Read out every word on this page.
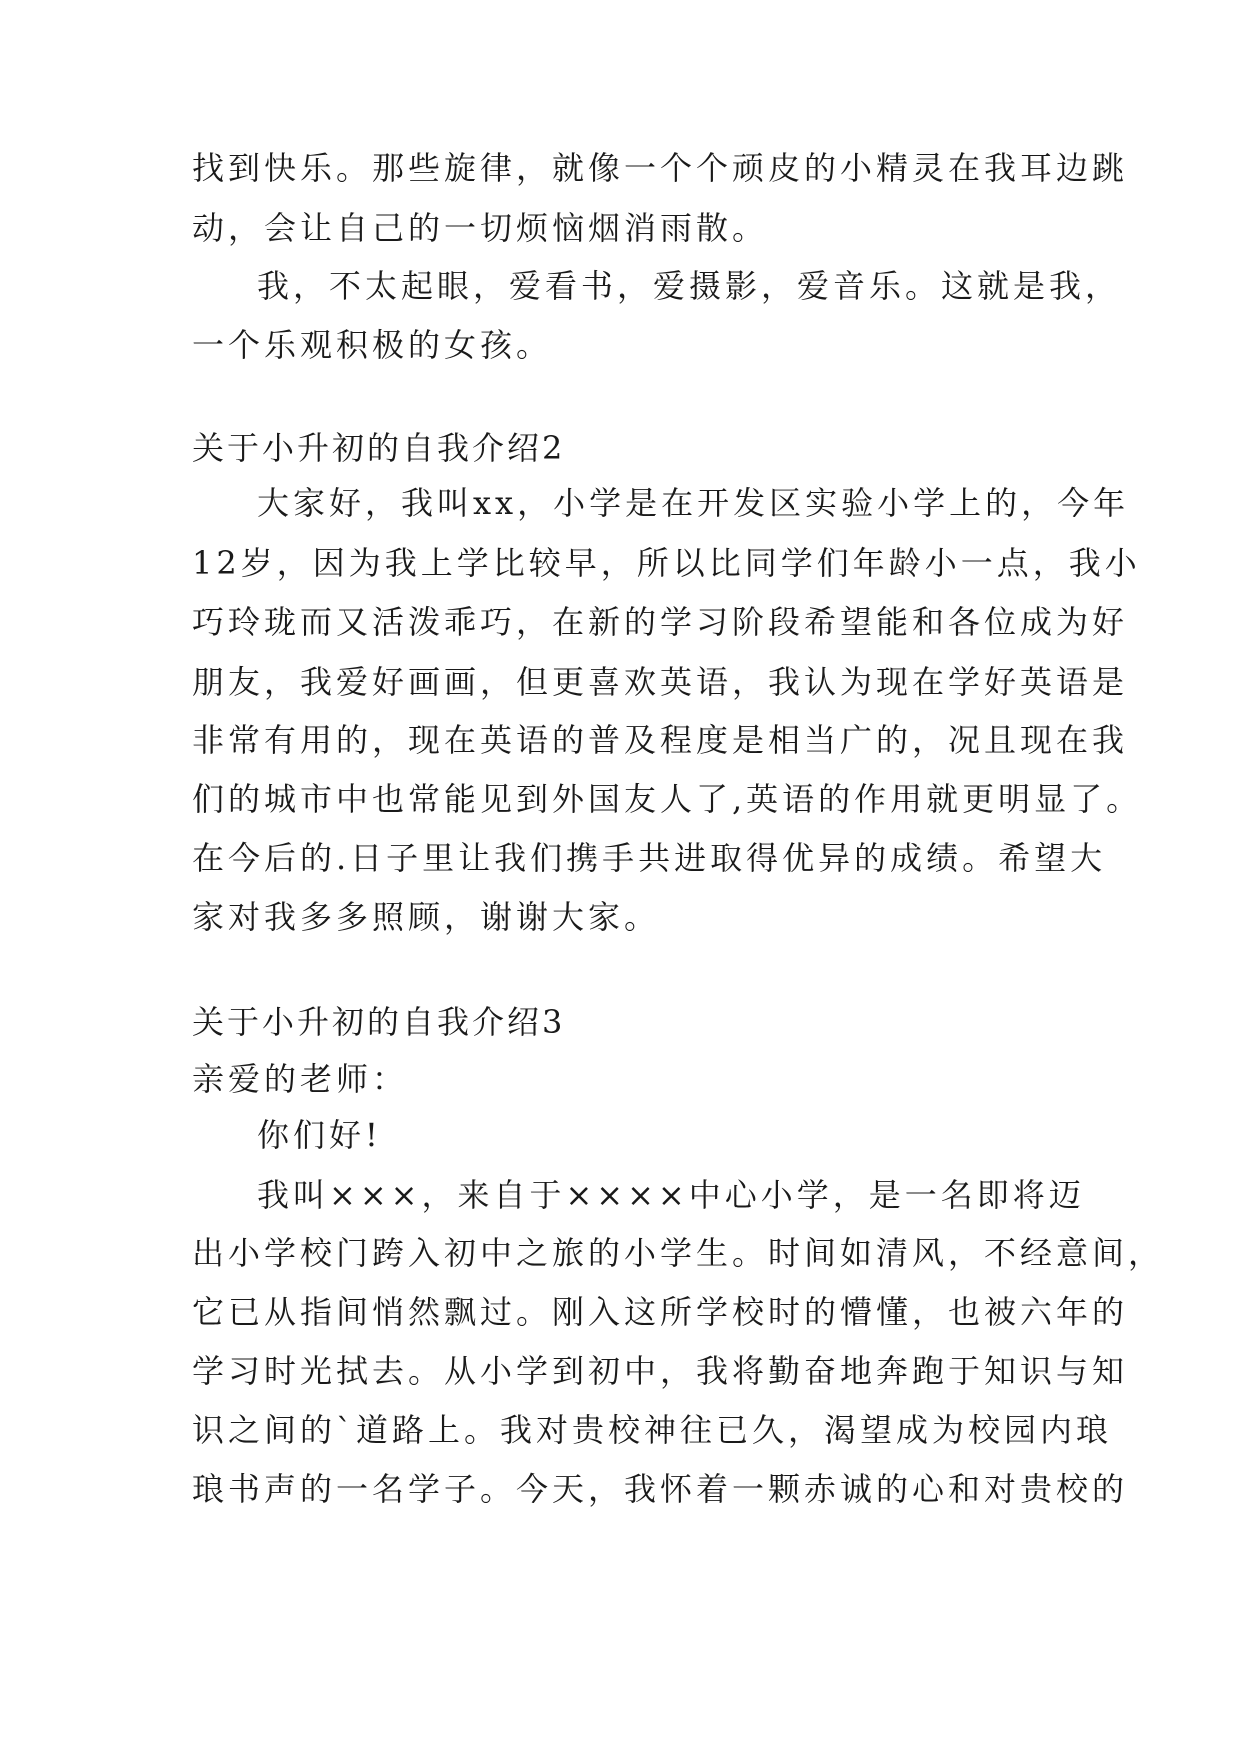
找到快乐。那些旋律，就像一个个顽皮的小精灵在我耳边跳
动，会让自己的一切烦恼烟消雨散。
我，不太起眼，爱看书，爱摄影，爱音乐。这就是我，
一个乐观积极的女孩。
关于小升初的自我介绍2
大家好，我叫xx，小学是在开发区实验小学上的，今年
12岁，因为我上学比较早，所以比同学们年龄小一点，我小
巧玲珑而又活泼乖巧，在新的学习阶段希望能和各位成为好
朋友，我爱好画画，但更喜欢英语，我认为现在学好英语是
非常有用的，现在英语的普及程度是相当广的，况且现在我
们的城市中也常能见到外国友人了,英语的作用就更明显了。
在今后的.日子里让我们携手共进取得优异的成绩。希望大
家对我多多照顾，谢谢大家。
关于小升初的自我介绍3
亲爱的老师：
你们好!
我叫×××，来自于××××中心小学，是一名即将迈
出小学校门跨入初中之旅的小学生。时间如清风，不经意间，
它已从指间悄然飘过。刚入这所学校时的懵懂，也被六年的
学习时光拭去。从小学到初中，我将勤奋地奔跑于知识与知
识之间的`道路上。我对贵校神往已久，渴望成为校园内琅
琅书声的一名学子。今天，我怀着一颗赤诚的心和对贵校的
